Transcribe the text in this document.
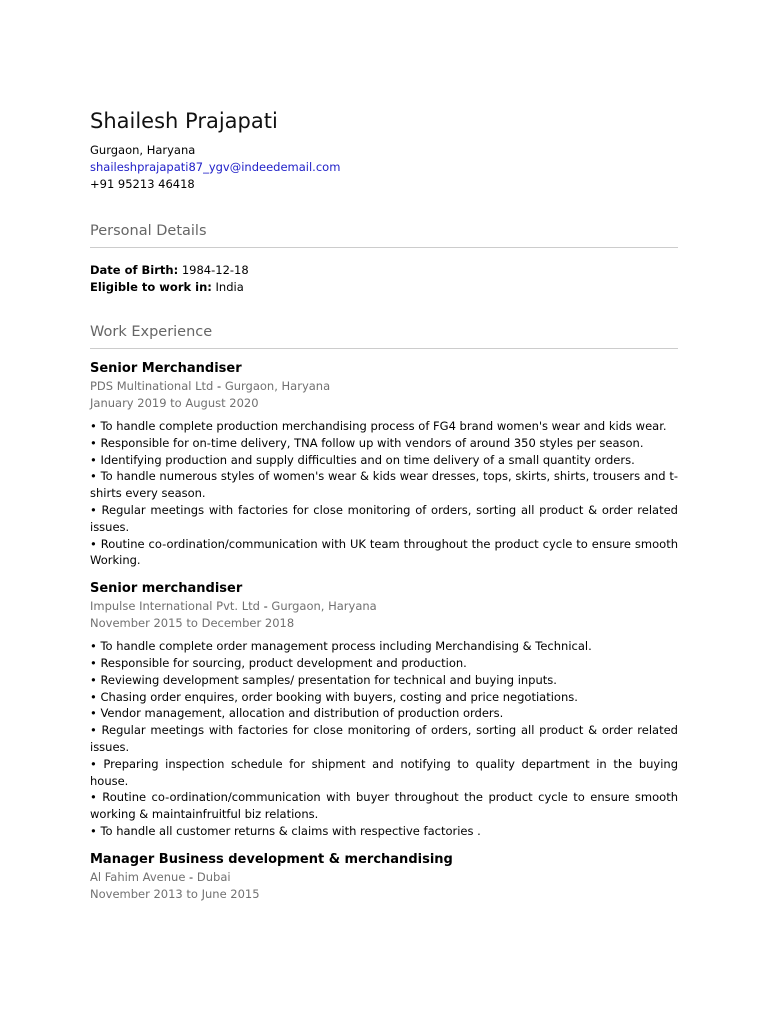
Shailesh Prajapati
Gurgaon, Haryana
shaileshprajapati87_ygv@indeedemail.com
+91 95213 46418
Personal Details
Date of Birth: 1984-12-18
Eligible to work in: India
Work Experience
Senior Merchandiser
PDS Multinational Ltd - Gurgaon, Haryana
January 2019 to August 2020
• To handle complete production merchandising process of FG4 brand women's wear and kids wear.
• Responsible for on-time delivery, TNA follow up with vendors of around 350 styles per season.
• Identifying production and supply difficulties and on time delivery of a small quantity orders.
• To handle numerous styles of women's wear & kids wear dresses, tops, skirts, shirts, trousers and t-shirts every season.
• Regular meetings with factories for close monitoring of orders, sorting all product & order related issues.
• Routine co-ordination/communication with UK team throughout the product cycle to ensure smooth Working.
Senior merchandiser
Impulse International Pvt. Ltd - Gurgaon, Haryana
November 2015 to December 2018
• To handle complete order management process including Merchandising & Technical.
• Responsible for sourcing, product development and production.
• Reviewing development samples/ presentation for technical and buying inputs.
• Chasing order enquires, order booking with buyers, costing and price negotiations.
• Vendor management, allocation and distribution of production orders.
• Regular meetings with factories for close monitoring of orders, sorting all product & order related issues.
• Preparing inspection schedule for shipment and notifying to quality department in the buying house.
• Routine co-ordination/communication with buyer throughout the product cycle to ensure smooth working & maintainfruitful biz relations.
• To handle all customer returns & claims with respective factories .
Manager Business development & merchandising
Al Fahim Avenue - Dubai
November 2013 to June 2015
